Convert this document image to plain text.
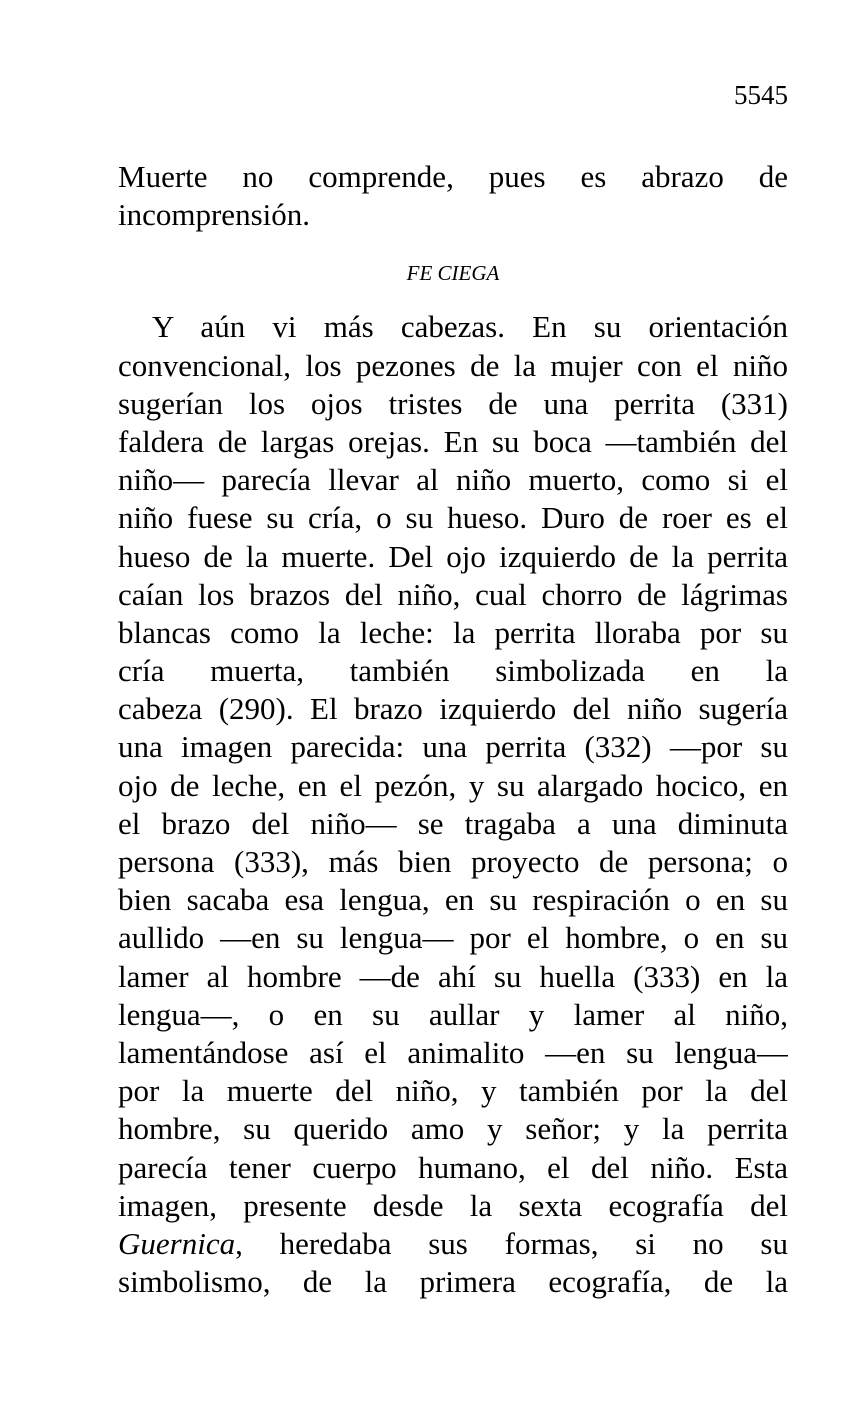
5545
Muerte no comprende, pues es abrazo de
incomprensión.
FE CIEGA
Y aún vi más cabezas. En su orientación
convencional, los pezones de la mujer con el niño
sugerían los ojos tristes de una perrita (331)
faldera de largas orejas. En su boca —también del
niño— parecía llevar al niño muerto, como si el
niño fuese su cría, o su hueso. Duro de roer es el
hueso de la muerte. Del ojo izquierdo de la perrita
caían los brazos del niño, cual chorro de lágrimas
blancas como la leche: la perrita lloraba por su
cría muerta, también simbolizada en la
cabeza (290). El brazo izquierdo del niño sugería
una imagen parecida: una perrita (332) —por su
ojo de leche, en el pezón, y su alargado hocico, en
el brazo del niño— se tragaba a una diminuta
persona (333), más bien proyecto de persona; o
bien sacaba esa lengua, en su respiración o en su
aullido —en su lengua— por el hombre, o en su
lamer al hombre —de ahí su huella (333) en la
lengua—, o en su aullar y lamer al niño,
lamentándose así el animalito —en su lengua—
por la muerte del niño, y también por la del
hombre, su querido amo y señor; y la perrita
parecía tener cuerpo humano, el del niño. Esta
imagen, presente desde la sexta ecografía del
Guernica, heredaba sus formas, si no su
simbolismo, de la primera ecografía, de la
